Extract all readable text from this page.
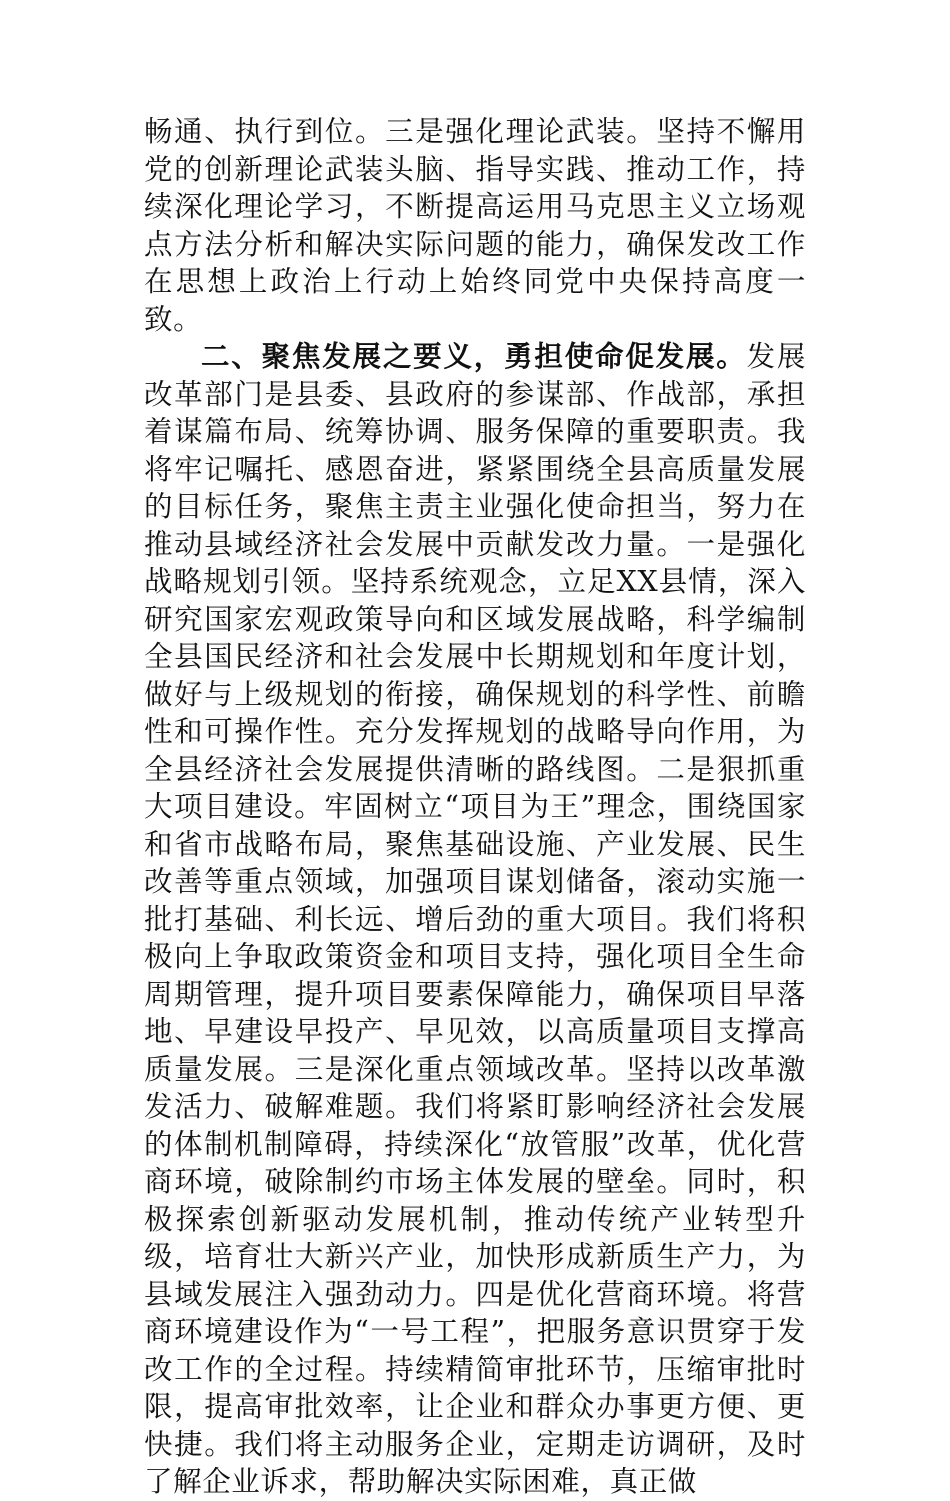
畅通、执行到位。三是强化理论武装。坚持不懈用党的创新理论武装头脑、指导实践、推动工作，持续深化理论学习，不断提高运用马克思主义立场观点方法分析和解决实际问题的能力，确保发改工作在思想上政治上行动上始终同党中央保持高度一致。

二、聚焦发展之要义，勇担使命促发展。发展改革部门是县委、县政府的参谋部、作战部，承担着谋篇布局、统筹协调、服务保障的重要职责。我将牢记嘱托、感恩奋进，紧紧围绕全县高质量发展的目标任务，聚焦主责主业强化使命担当，努力在推动县域经济社会发展中贡献发改力量。一是强化战略规划引领。坚持系统观念，立足XX县情，深入研究国家宏观政策导向和区域发展战略，科学编制全县国民经济和社会发展中长期规划和年度计划，做好与上级规划的衔接，确保规划的科学性、前瞻性和可操作性。充分发挥规划的战略导向作用，为全县经济社会发展提供清晰的路线图。二是狠抓重大项目建设。牢固树立“项目为王”理念，围绕国家和省市战略布局，聚焦基础设施、产业发展、民生改善等重点领域，加强项目谋划储备，滚动实施一批打基础、利长远、增后劲的重大项目。我们将积极向上争取政策资金和项目支持，强化项目全生命周期管理，提升项目要素保障能力，确保项目早落地、早建设早投产、早见效，以高质量项目支撑高质量发展。三是深化重点领域改革。坚持以改革激发活力、破解难题。我们将紧盯影响经济社会发展的体制机制障碍，持续深化“放管服”改革，优化营商环境，破除制约市场主体发展的壁垒。同时，积极探索创新驱动发展机制，推动传统产业转型升级，培育壮大新兴产业，加快形成新质生产力，为县域发展注入强劲动力。四是优化营商环境。将营商环境建设作为“一号工程”，把服务意识贯穿于发改工作的全过程。持续精简审批环节，压缩审批时限，提高审批效率，让企业和群众办事更方便、更快捷。我们将主动服务企业，定期走访调研，及时了解企业诉求，帮助解决实际困难，真正做
